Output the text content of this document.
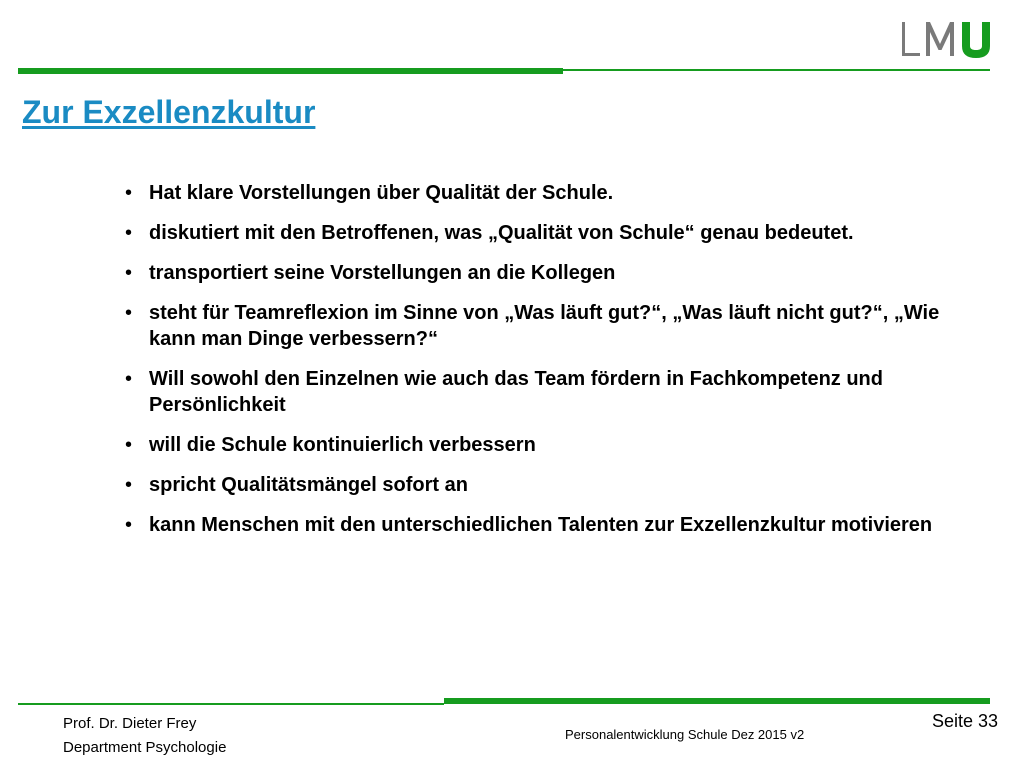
Zur Exzellenzkultur
• Hat klare Vorstellungen über Qualität der Schule.
• diskutiert mit den Betroffenen, was „Qualität von Schule“ genau bedeutet.
• transportiert seine Vorstellungen an die Kollegen
• steht für Teamreflexion im Sinne von „Was läuft gut?“, „Was läuft nicht gut?“, „Wie kann man Dinge verbessern?“
• Will sowohl den Einzelnen wie auch das Team fördern in Fachkompetenz und Persönlichkeit
• will die Schule kontinuierlich verbessern
• spricht Qualitätsmängel sofort an
• kann Menschen mit den unterschiedlichen Talenten zur Exzellenzkultur motivieren
Prof. Dr. Dieter Frey
Department Psychologie
Personalentwicklung Schule Dez 2015 v2
Seite 33
